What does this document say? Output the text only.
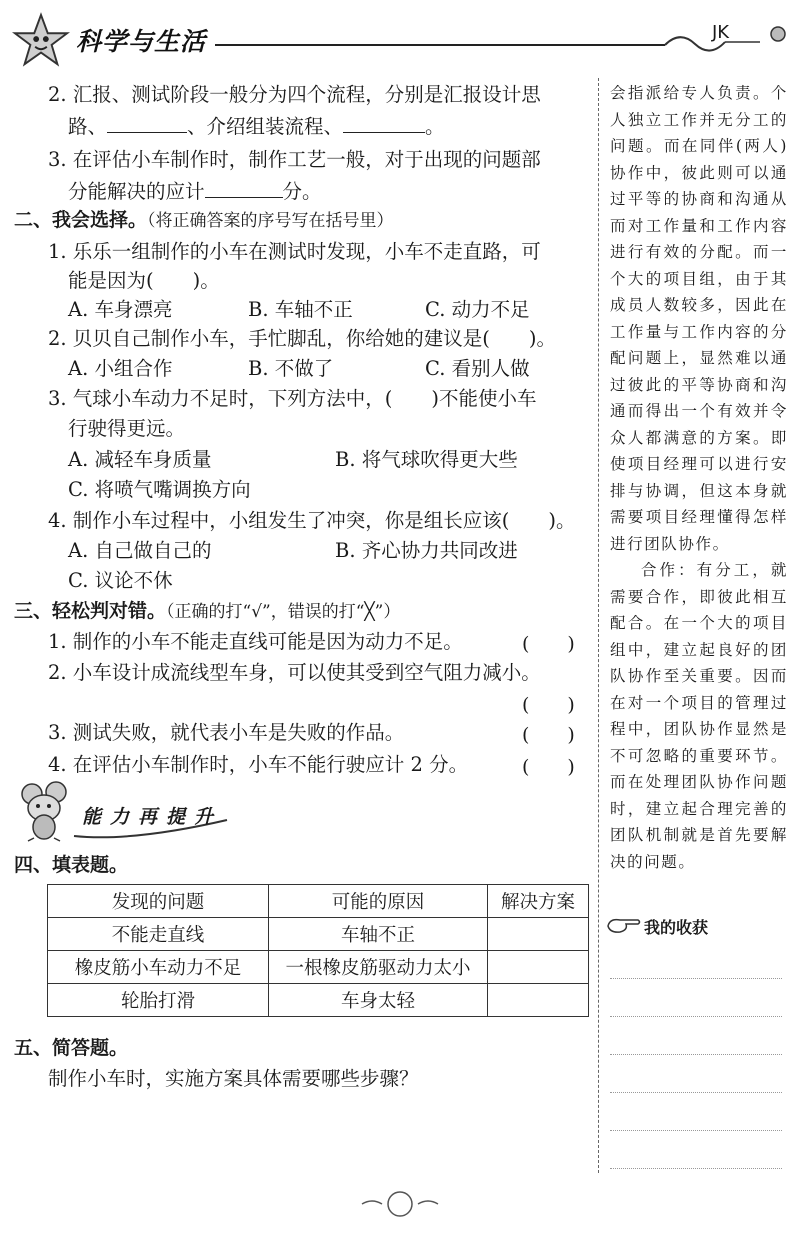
科学与生活	JK
2. 汇报、测试阶段一般分为四个流程，分别是汇报设计思
路、	、介绍组装流程、	。
3. 在评估小车制作时，制作工艺一般，对于出现的问题部
分能解决的应计	分。
二、我会选择。（将正确答案的序号写在括号里）
1. 乐乐一组制作的小车在测试时发现，小车不走直路，可
能是因为(　　)。
A. 车身漂亮	B. 车轴不正	C. 动力不足
2. 贝贝自己制作小车，手忙脚乱，你给她的建议是(　　)。
A. 小组合作	B. 不做了	C. 看别人做
3. 气球小车动力不足时，下列方法中，(　　)不能使小车
行驶得更远。
A. 减轻车身质量	B. 将气球吹得更大些
C. 将喷气嘴调换方向
4. 制作小车过程中，小组发生了冲突，你是组长应该(　　)。
A. 自己做自己的	B. 齐心协力共同改进
C. 议论不休
三、轻松判对错。（正确的打“√”，错误的打“╳”）
1. 制作的小车不能走直线可能是因为动力不足。	(　　)
2. 小车设计成流线型车身，可以使其受到空气阻力减小。
(　　)
3. 测试失败，就代表小车是失败的作品。	(　　)
4. 在评估小车制作时，小车不能行驶应计 2 分。	(　　)
能力再提升
四、填表题。
发现的问题	可能的原因	解决方案
不能走直线	车轴不正	
橡皮筋小车动力不足	一根橡皮筋驱动力太小	
轮胎打滑	车身太轻	
五、简答题。
制作小车时，实施方案具体需要哪些步骤？

会指派给专人负责。个人独立工作并无分工的问题。而在同伴(两人)协作中，彼此则可以通过平等的协商和沟通从而对工作量和工作内容进行有效的分配。而一个大的项目组，由于其成员人数较多，因此在工作量与工作内容的分配问题上，显然难以通过彼此的平等协商和沟通而得出一个有效并令众人都满意的方案。即使项目经理可以进行安排与协调，但这本身就需要项目经理懂得怎样进行团队协作。

合作：有分工，就需要合作，即彼此相互配合。在一个大的项目组中，建立起良好的团队协作至关重要。因而在对一个项目的管理过程中，团队协作显然是不可忽略的重要环节。而在处理团队协作问题时，建立起合理完善的团队机制就是首先要解决的问题。

我的收获
